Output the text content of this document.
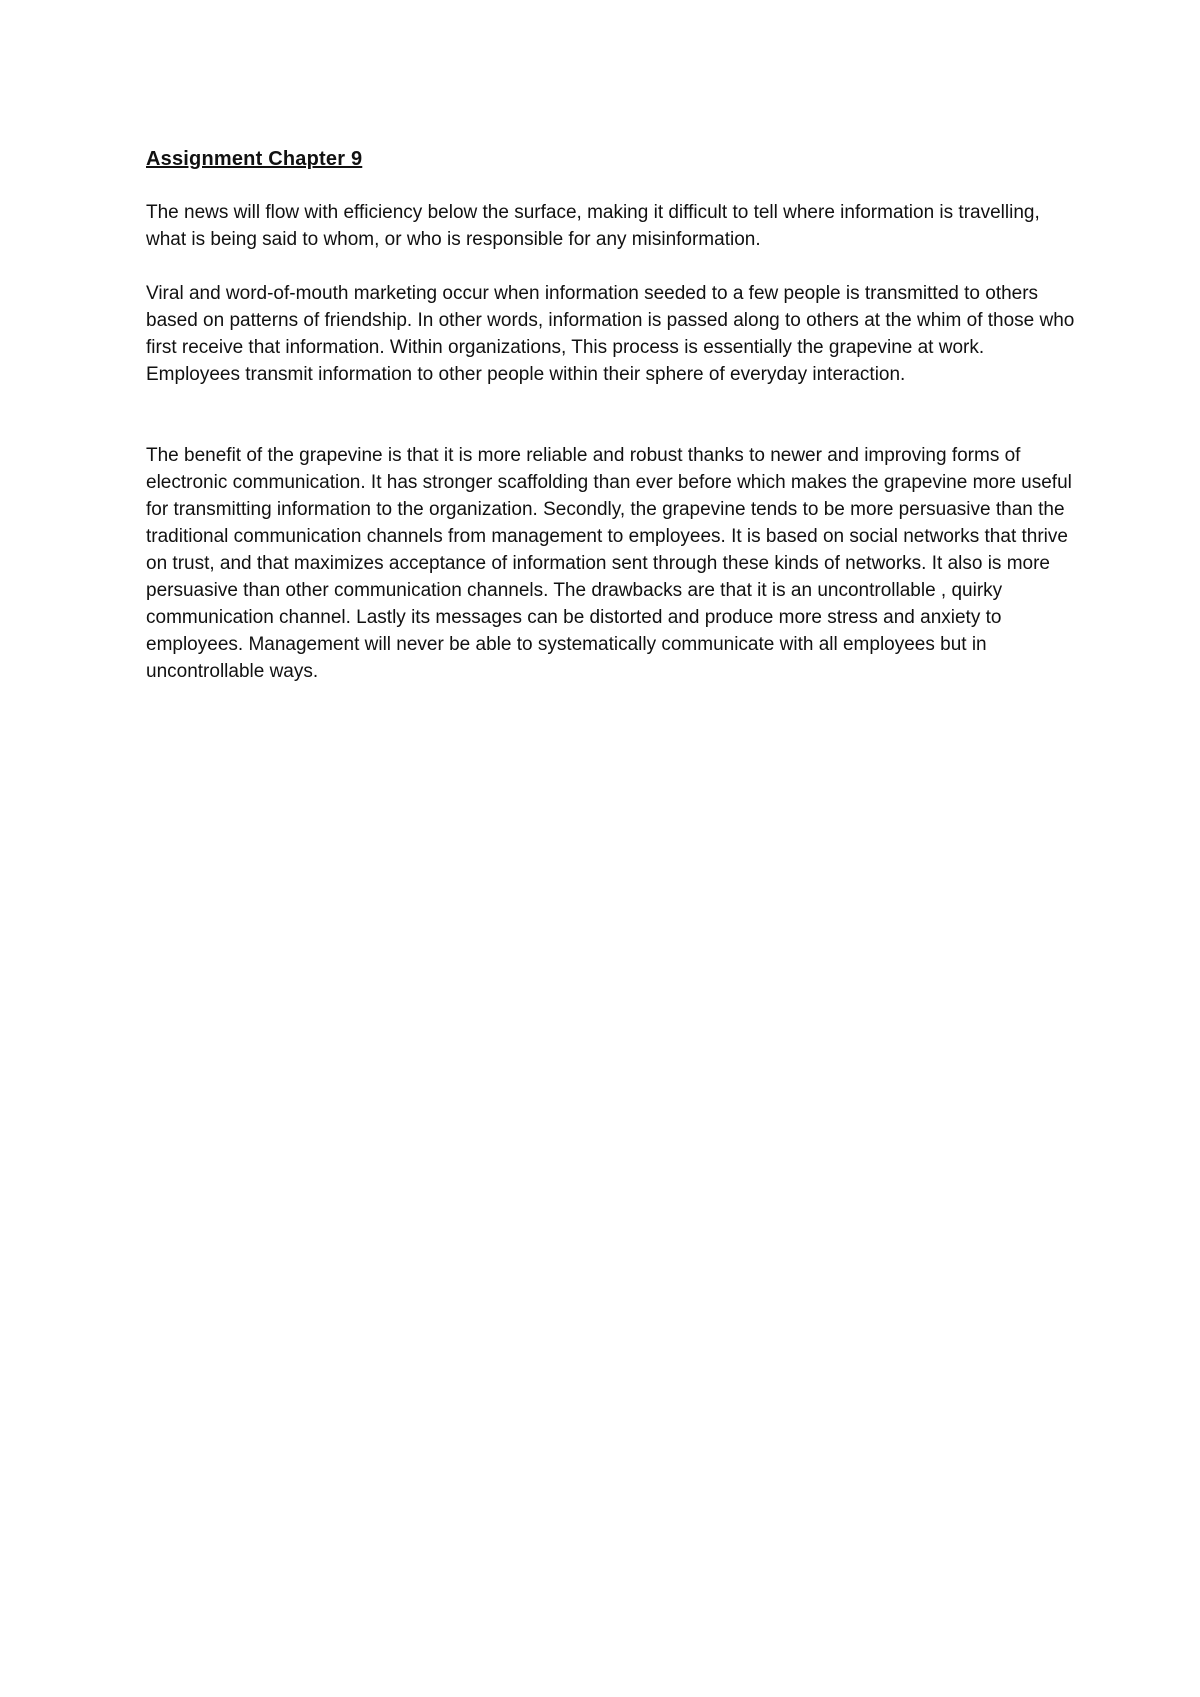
Assignment Chapter 9

The news will flow with efficiency below the surface, making it difficult to tell where information is travelling, what is being said to whom, or who is responsible for any misinformation.

Viral and word-of-mouth marketing occur when information seeded to a few people is transmitted to others based on patterns of friendship. In other words, information is passed along to others at the whim of those who first receive that information. Within organizations, This process is essentially the grapevine at work. Employees transmit information to other people within their sphere of everyday interaction.

The benefit of the grapevine is that it is more reliable and robust thanks to newer and improving forms of electronic communication. It has stronger scaffolding than ever before which makes the grapevine more useful for transmitting information to the organization. Secondly, the grapevine tends to be more persuasive than the traditional communication channels from management to employees. It is based on social networks that thrive on trust, and that maximizes acceptance of information sent through these kinds of networks. It also is more persuasive than other communication channels. The drawbacks are that it is an uncontrollable , quirky communication channel. Lastly its messages can be distorted and produce more stress and anxiety to employees. Management will never be able to systematically communicate with all employees but in uncontrollable ways.
